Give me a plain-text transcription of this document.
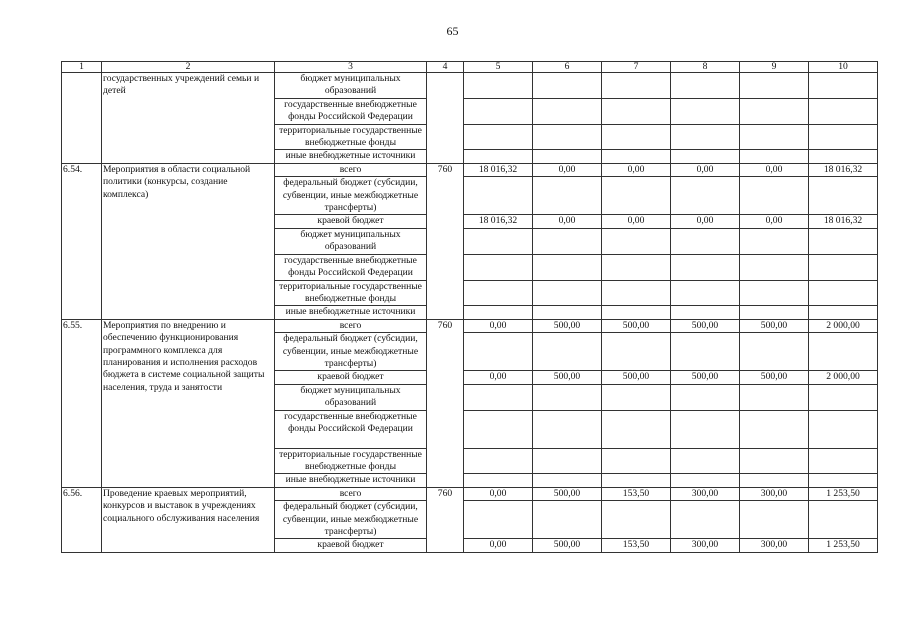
65
1	2	3	4	5	6	7	8	9	10
	государственных учреждений семьи и детей	бюджет муниципальных образований							
		государственные внебюджетные фонды Российской Федерации							
		территориальные государственные внебюджетные фонды							
		иные внебюджетные источники							
6.54.	Мероприятия в области социальной политики (конкурсы, создание комплекса)	всего	760	18 016,32	0,00	0,00	0,00	0,00	18 016,32
		федеральный бюджет (субсидии, субвенции, иные межбюджетные трансферты)							
		краевой бюджет		18 016,32	0,00	0,00	0,00	0,00	18 016,32
		бюджет муниципальных образований							
		государственные внебюджетные фонды Российской Федерации							
		территориальные государственные внебюджетные фонды							
		иные внебюджетные источники							
6.55.	Мероприятия по внедрению и обеспечению функционирования программного комплекса для планирования и исполнения расходов бюджета в системе социальной защиты населения, труда и занятости	всего	760	0,00	500,00	500,00	500,00	500,00	2 000,00
		федеральный бюджет (субсидии, субвенции, иные межбюджетные трансферты)							
		краевой бюджет		0,00	500,00	500,00	500,00	500,00	2 000,00
		бюджет муниципальных образований							
		государственные внебюджетные фонды Российской Федерации							
		территориальные государственные внебюджетные фонды							
		иные внебюджетные источники							
6.56.	Проведение краевых мероприятий, конкурсов и выставок в учреждениях социального обслуживания населения	всего	760	0,00	500,00	153,50	300,00	300,00	1 253,50
		федеральный бюджет (субсидии, субвенции, иные межбюджетные трансферты)							
		краевой бюджет		0,00	500,00	153,50	300,00	300,00	1 253,50
